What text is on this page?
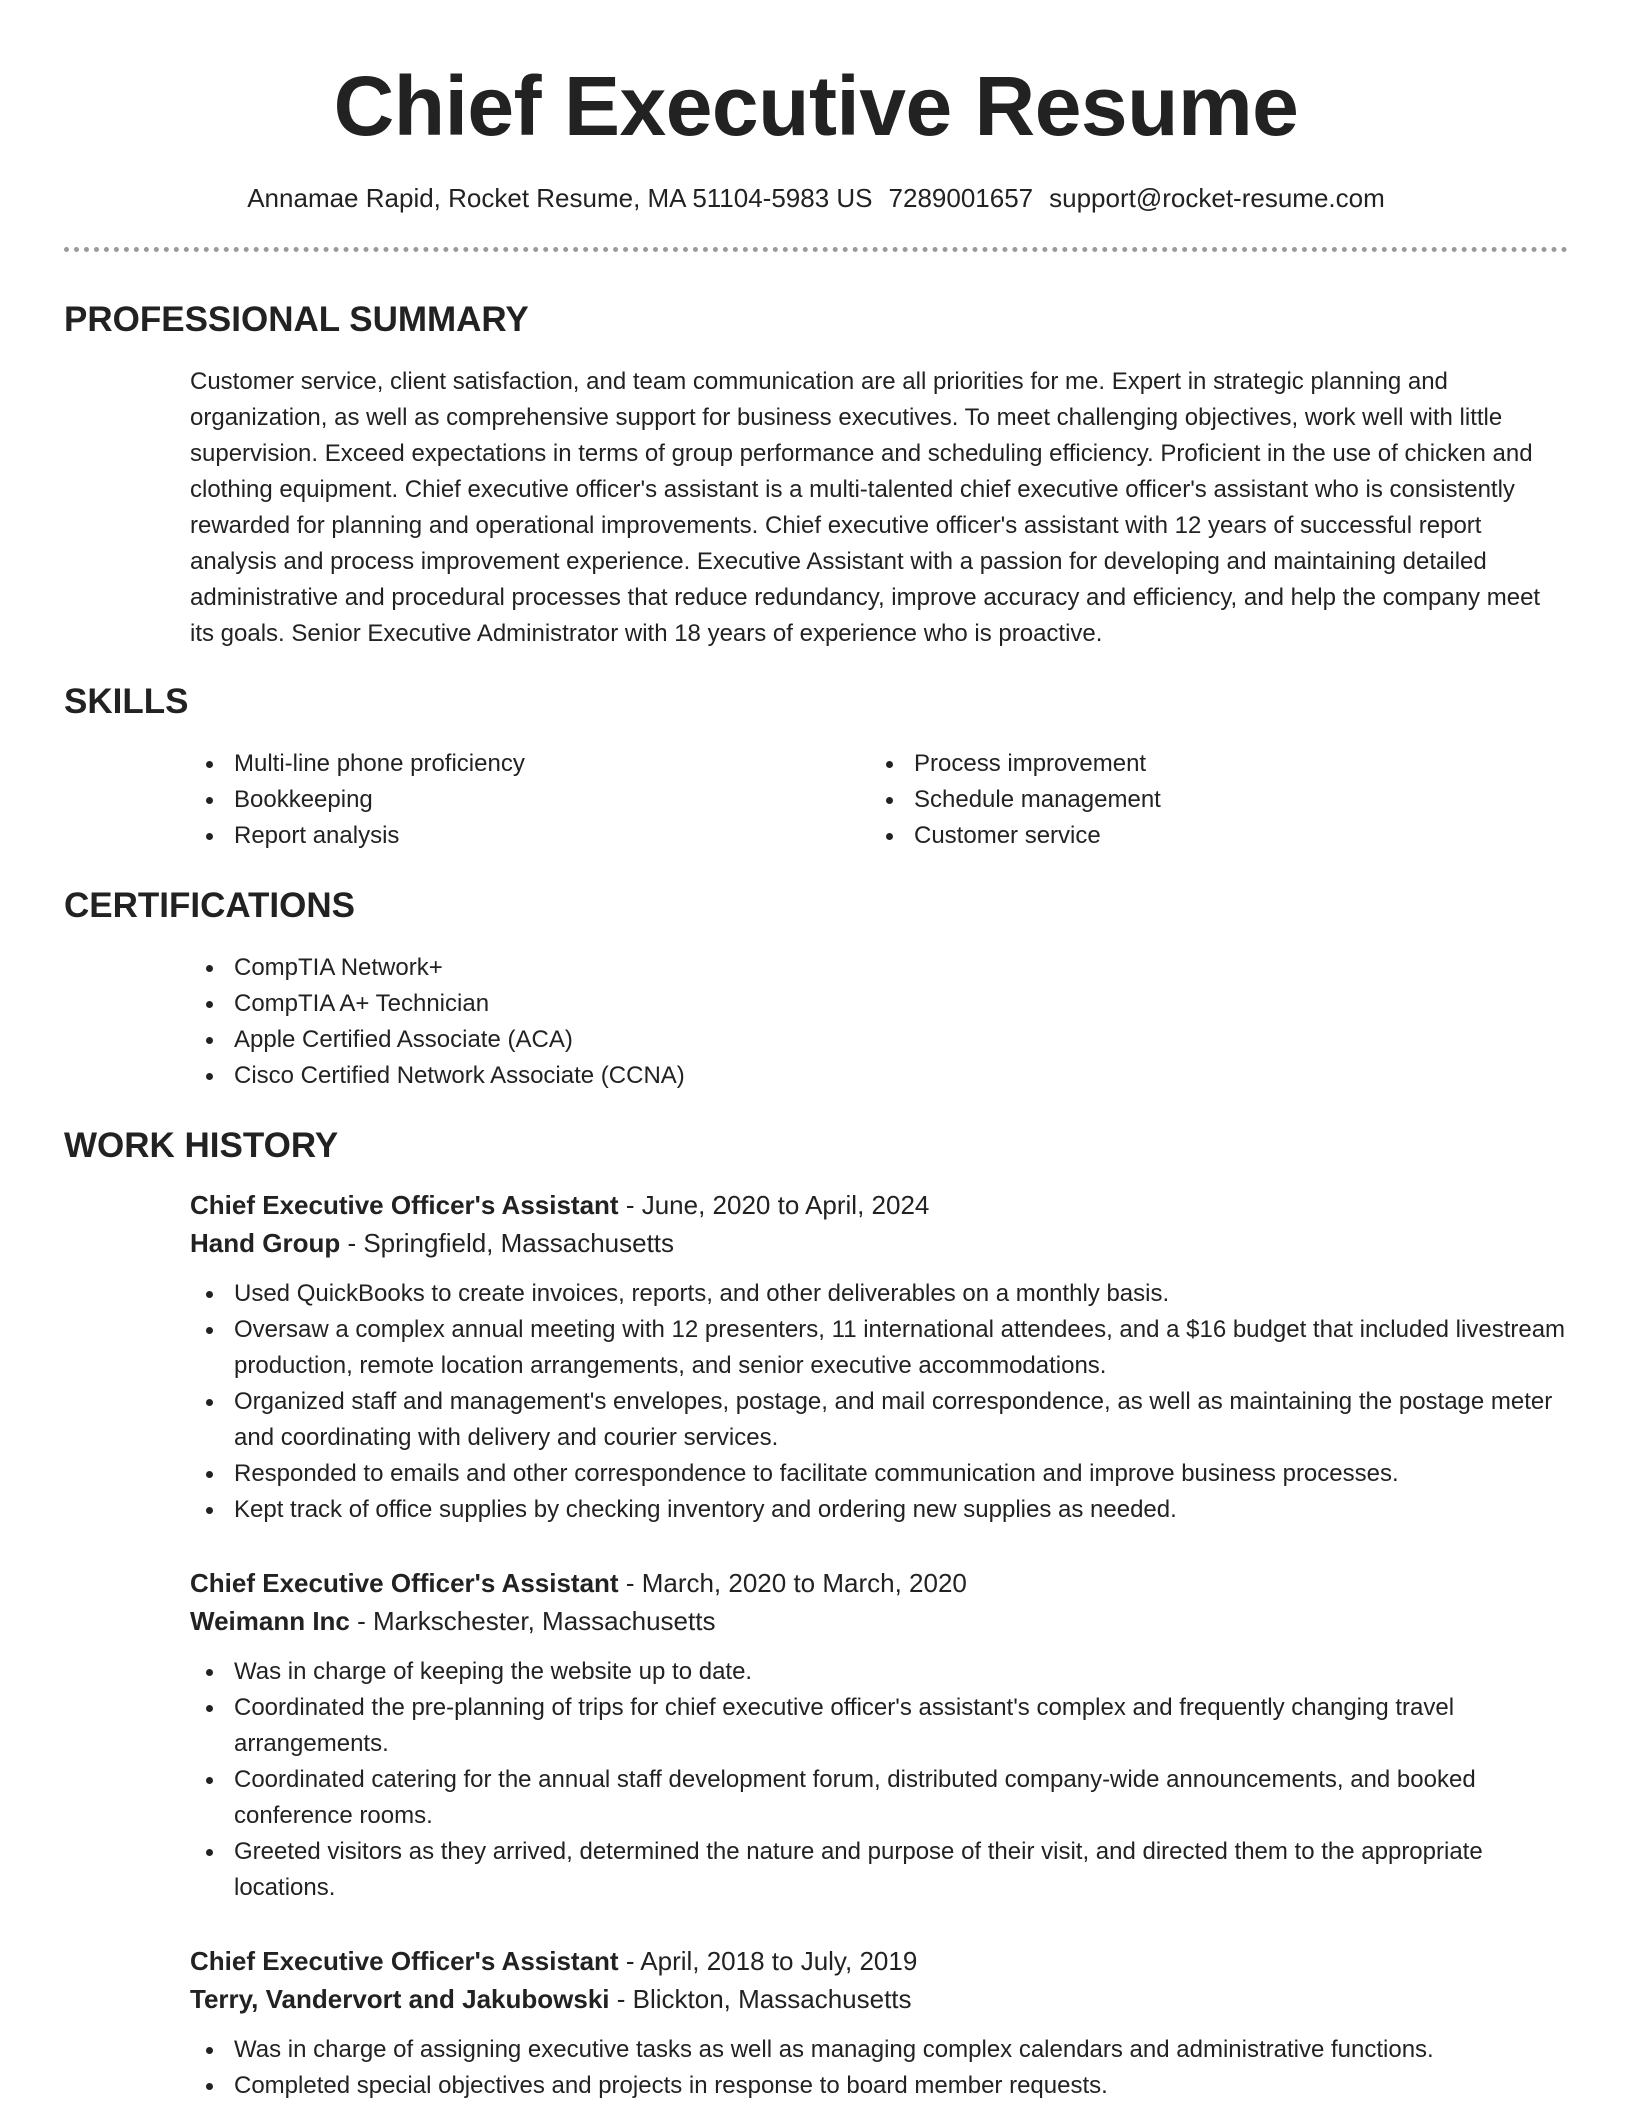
Chief Executive Resume
Annamae Rapid, Rocket Resume, MA 51104-5983 US 7289001657 support@rocket-resume.com
PROFESSIONAL SUMMARY

Customer service, client satisfaction, and team communication are all priorities for me. Expert in strategic planning and organization, as well as comprehensive support for business executives. To meet challenging objectives, work well with little supervision. Exceed expectations in terms of group performance and scheduling efficiency. Proficient in the use of chicken and clothing equipment. Chief executive officer's assistant is a multi-talented chief executive officer's assistant who is consistently rewarded for planning and operational improvements. Chief executive officer's assistant with 12 years of successful report analysis and process improvement experience. Executive Assistant with a passion for developing and maintaining detailed administrative and procedural processes that reduce redundancy, improve accuracy and efficiency, and help the company meet its goals. Senior Executive Administrator with 18 years of experience who is proactive.

SKILLS
Multi-line phone proficiency
Bookkeeping
Report analysis
Process improvement
Schedule management
Customer service
CERTIFICATIONS
CompTIA Network+
CompTIA A+ Technician
Apple Certified Associate (ACA)
Cisco Certified Network Associate (CCNA)
WORK HISTORY
Chief Executive Officer's Assistant - June, 2020 to April, 2024
Hand Group - Springfield, Massachusetts
Used QuickBooks to create invoices, reports, and other deliverables on a monthly basis.
Oversaw a complex annual meeting with 12 presenters, 11 international attendees, and a $16 budget that included livestream production, remote location arrangements, and senior executive accommodations.
Organized staff and management's envelopes, postage, and mail correspondence, as well as maintaining the postage meter and coordinating with delivery and courier services.
Responded to emails and other correspondence to facilitate communication and improve business processes.
Kept track of office supplies by checking inventory and ordering new supplies as needed.
Chief Executive Officer's Assistant - March, 2020 to March, 2020
Weimann Inc - Markschester, Massachusetts
Was in charge of keeping the website up to date.
Coordinated the pre-planning of trips for chief executive officer's assistant's complex and frequently changing travel arrangements.
Coordinated catering for the annual staff development forum, distributed company-wide announcements, and booked conference rooms.
Greeted visitors as they arrived, determined the nature and purpose of their visit, and directed them to the appropriate locations.
Chief Executive Officer's Assistant - April, 2018 to July, 2019
Terry, Vandervort and Jakubowski - Blickton, Massachusetts
Was in charge of assigning executive tasks as well as managing complex calendars and administrative functions.
Completed special objectives and projects in response to board member requests.
